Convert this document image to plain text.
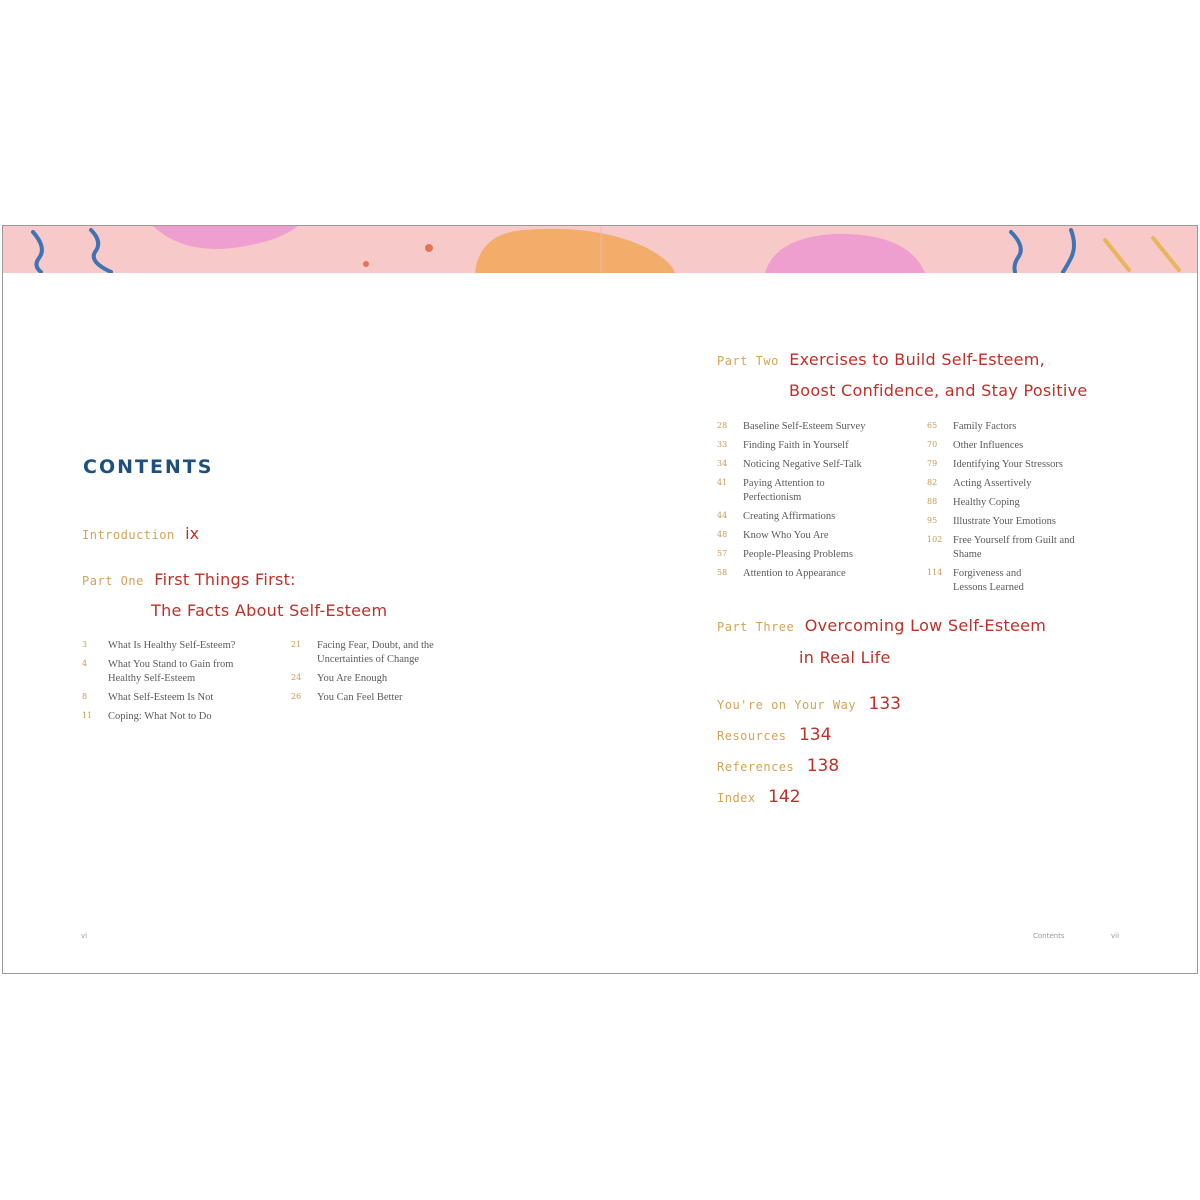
CONTENTS
Introduction ix
Part One First Things First:
The Facts About Self-Esteem
3	What Is Healthy Self-Esteem?
4	What You Stand to Gain from Healthy Self-Esteem
8	What Self-Esteem Is Not
11	Coping: What Not to Do
21	Facing Fear, Doubt, and the Uncertainties of Change
24	You Are Enough
26	You Can Feel Better
Part Two Exercises to Build Self-Esteem,
Boost Confidence, and Stay Positive
28	Baseline Self-Esteem Survey
33	Finding Faith in Yourself
34	Noticing Negative Self-Talk
41	Paying Attention to Perfectionism
44	Creating Affirmations
48	Know Who You Are
57	People-Pleasing Problems
58	Attention to Appearance
65	Family Factors
70	Other Influences
79	Identifying Your Stressors
82	Acting Assertively
88	Healthy Coping
95	Illustrate Your Emotions
102	Free Yourself from Guilt and Shame
114	Forgiveness and Lessons Learned
Part Three Overcoming Low Self-Esteem
in Real Life
You're on Your Way 133
Resources 134
References 138
Index 142
vi	Contents	vii
